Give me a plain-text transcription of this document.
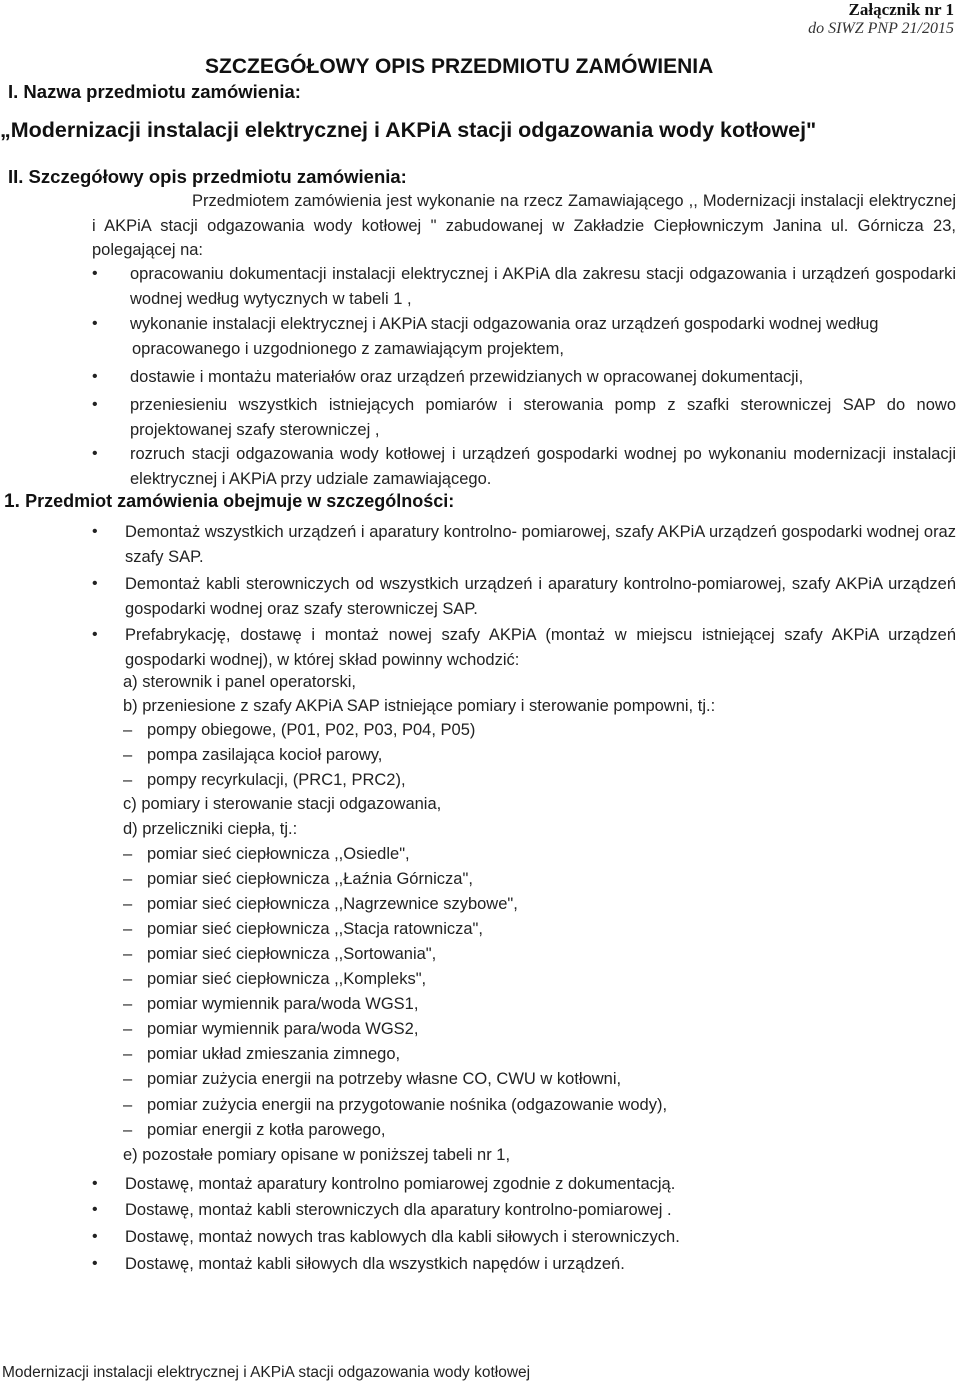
Załącznik nr 1
do SIWZ PNP 21/2015
SZCZEGÓŁOWY OPIS PRZEDMIOTU ZAMÓWIENIA
I. Nazwa przedmiotu zamówienia:
„Modernizacji instalacji elektrycznej i AKPiA stacji odgazowania wody kotłowej"
II. Szczegółowy opis przedmiotu zamówienia:
Przedmiotem zamówienia jest wykonanie na rzecz Zamawiającego ,, Modernizacji instalacji elektrycznej i AKPiA stacji odgazowania wody kotłowej " zabudowanej w Zakładzie Ciepłowniczym Janina ul. Górnicza 23, polegającej na:
• opracowaniu dokumentacji instalacji elektrycznej i AKPiA dla zakresu stacji odgazowania i urządzeń gospodarki wodnej według wytycznych w tabeli 1 ,
• wykonanie instalacji elektrycznej i AKPiA stacji odgazowania oraz urządzeń gospodarki wodnej według
opracowanego i uzgodnionego z zamawiającym projektem,
• dostawie i montażu materiałów oraz urządzeń przewidzianych w opracowanej dokumentacji,
• przeniesieniu wszystkich istniejących pomiarów i sterowania pomp z szafki sterowniczej SAP do nowo projektowanej szafy sterowniczej ,
• rozruch stacji odgazowania wody kotłowej i urządzeń gospodarki wodnej po wykonaniu modernizacji instalacji elektrycznej i AKPiA przy udziale zamawiającego.
1. Przedmiot zamówienia obejmuje w szczególności:
• Demontaż wszystkich urządzeń i aparatury kontrolno- pomiarowej, szafy AKPiA urządzeń gospodarki wodnej oraz szafy SAP.
• Demontaż kabli sterowniczych od wszystkich urządzeń i aparatury kontrolno-pomiarowej, szafy AKPiA urządzeń gospodarki wodnej oraz szafy sterowniczej SAP.
• Prefabrykację, dostawę i montaż nowej szafy AKPiA (montaż w miejscu istniejącej szafy AKPiA urządzeń gospodarki wodnej), w której skład powinny wchodzić:
a) sterownik i panel operatorski,
b) przeniesione z szafy AKPiA SAP istniejące pomiary i sterowanie pompowni, tj.:
– pompy obiegowe, (P01, P02, P03, P04, P05)
– pompa zasilająca kocioł parowy,
– pompy recyrkulacji, (PRC1, PRC2),
c) pomiary i sterowanie stacji odgazowania,
d) przeliczniki ciepła, tj.:
– pomiar sieć ciepłownicza ,,Osiedle",
– pomiar sieć ciepłownicza ,,Łaźnia Górnicza",
– pomiar sieć ciepłownicza ,,Nagrzewnice szybowe",
– pomiar sieć ciepłownicza ,,Stacja ratownicza",
– pomiar sieć ciepłownicza ,,Sortowania",
– pomiar sieć ciepłownicza ,,Kompleks",
– pomiar wymiennik para/woda WGS1,
– pomiar wymiennik para/woda WGS2,
– pomiar układ zmieszania zimnego,
– pomiar zużycia energii na potrzeby własne CO, CWU w kotłowni,
– pomiar zużycia energii na przygotowanie nośnika (odgazowanie wody),
– pomiar energii z kotła parowego,
e) pozostałe pomiary opisane w poniższej tabeli nr 1,
• Dostawę, montaż aparatury kontrolno pomiarowej zgodnie z dokumentacją.
• Dostawę, montaż kabli sterowniczych dla aparatury kontrolno-pomiarowej .
• Dostawę, montaż nowych tras kablowych dla kabli siłowych i sterowniczych.
• Dostawę, montaż kabli siłowych dla wszystkich napędów i urządzeń.
Modernizacji instalacji elektrycznej i AKPiA stacji odgazowania wody kotłowej
